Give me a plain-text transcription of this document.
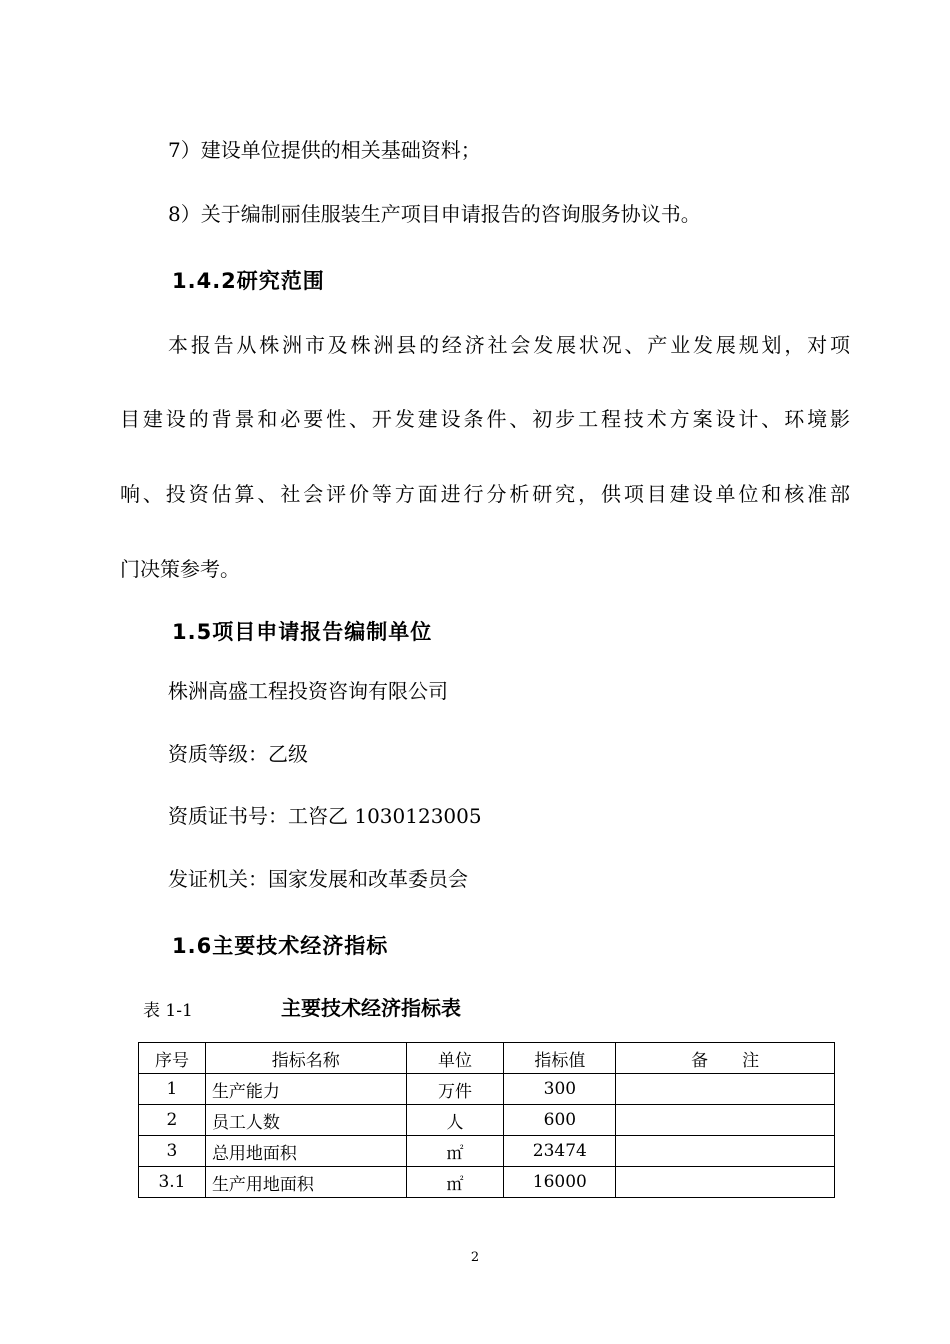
7）建设单位提供的相关基础资料；
8）关于编制丽佳服装生产项目申请报告的咨询服务协议书。
1.4.2研究范围
本报告从株洲市及株洲县的经济社会发展状况、产业发展规划，对项
目建设的背景和必要性、开发建设条件、初步工程技术方案设计、环境影
响、投资估算、社会评价等方面进行分析研究，供项目建设单位和核准部
门决策参考。
1.5项目申请报告编制单位
株洲高盛工程投资咨询有限公司
资质等级：乙级
资质证书号：工咨乙 1030123005
发证机关：国家发展和改革委员会
1.6主要技术经济指标
表 1-1	主要技术经济指标表
序号	指标名称	单位	指标值	备　　注
1	生产能力	万件	300	
2	员工人数	人	600	
3	总用地面积	㎡	23474	
3.1	生产用地面积	㎡	16000	
2
